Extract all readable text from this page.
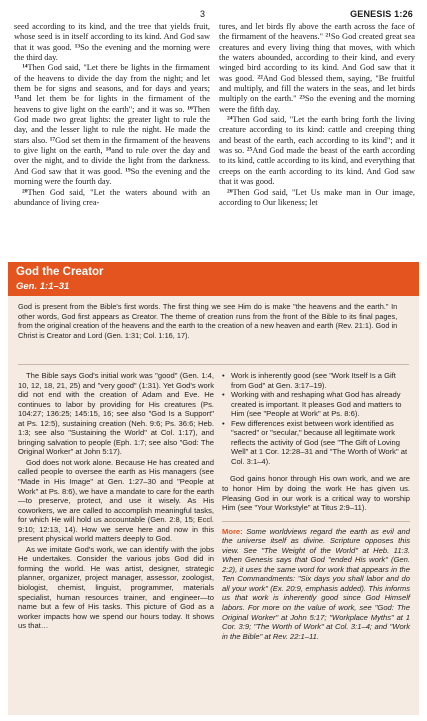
3	GENESIS 1:26

seed according to its kind, and the tree that yields fruit, whose seed is in itself according to its kind. And God saw that it was good. $^{13}$So the evening and the morning were the third day.

$^{14}$Then God said, "Let there be lights in the firmament of the heavens to divide the day from the night; and let them be for signs and seasons, and for days and years; $^{15}$and let them be for lights in the firmament of the heavens to give light on the earth"; and it was so. $^{16}$Then God made two great lights: the greater light to rule the day, and the lesser light to rule the night. He made the stars also. $^{17}$God set them in the firmament of the heavens to give light on the earth, $^{18}$and to rule over the day and over the night, and to divide the light from the darkness. And God saw that it was good. $^{19}$So the evening and the morning were the fourth day.

$^{20}$Then God said, "Let the waters abound with an abundance of living crea-

tures, and let birds fly above the earth across the face of the firmament of the heavens." $^{21}$So God created great sea creatures and every living thing that moves, with which the waters abounded, according to their kind, and every winged bird according to its kind. And God saw that it was good. $^{22}$And God blessed them, saying, "Be fruitful and multiply, and fill the waters in the seas, and let birds multiply on the earth." $^{23}$So the evening and the morning were the fifth day.

$^{24}$Then God said, "Let the earth bring forth the living creature according to its kind: cattle and creeping thing and beast of the earth, each according to its kind"; and it was so. $^{25}$And God made the beast of the earth according to its kind, cattle according to its kind, and everything that creeps on the earth according to its kind. And God saw that it was good.

$^{26}$Then God said, "Let Us make man in Our image, according to Our likeness; let

God the Creator
Gen. 1:1–31

God is present from the Bible's first words. The first thing we see Him do is make "the heavens and the earth." In other words, God first appears as Creator. The theme of creation runs from the front of the Bible to its final pages, from the original creation of the heavens and the earth to the creation of a new heaven and earth (Rev. 21:1). God in Christ is Creator and Lord (Gen. 1:31; Col. 1:16, 17).

The Bible says God's initial work was "good" (Gen. 1:4, 10, 12, 18, 21, 25) and "very good" (1:31). Yet God's work did not end with the creation of Adam and Eve. He continues to labor by providing for His creatures (Ps. 104:27; 136:25; 145:15, 16; see also "God Is a Support" at Ps. 12:5), sustaining creation (Neh. 9:6; Ps. 36:6; Heb. 1:3; see also "Sustaining the World" at Col. 1:17), and bringing salvation to people (Eph. 1:7; see also "God: The Original Worker" at John 5:17).

God does not work alone. Because He has created and called people to oversee the earth as His managers (see "Made in His Image" at Gen. 1:27–30 and "People at Work" at Ps. 8:6), we have a mandate to care for the earth—to preserve, protect, and use it wisely. As His coworkers, we are called to accomplish meaningful tasks, for which He will hold us accountable (Gen. 2:8, 15; Eccl. 9:10; 12:13, 14). How we serve here and now in this present physical world matters deeply to God.

As we imitate God's work, we can identify with the jobs He undertakes. Consider the various jobs God did in forming the world. He was artist, designer, strategic planner, organizer, project manager, assessor, zoologist, biologist, chemist, linguist, programmer, materials specialist, human resources trainer, and engineer—to name but a few of His tasks. This picture of God as a worker impacts how we spend our hours today. It shows us that…

• Work is inherently good (see "Work Itself Is a Gift from God" at Gen. 3:17–19).
• Working with and reshaping what God has already created is important. It pleases God and matters to Him (see "People at Work" at Ps. 8:6).
• Few differences exist between work identified as "sacred" or "secular," because all legitimate work reflects the activity of God (see "The Gift of Loving Well" at 1 Cor. 12:28–31 and "The Worth of Work" at Col. 3:1–4).

God gains honor through His own work, and we are to honor Him by doing the work He has given us. Pleasing God in our work is a critical way to worship Him (see "Your Workstyle" at Titus 2:9–11).

More: Some worldviews regard the earth as evil and the universe itself as divine. Scripture opposes this view. See "The Weight of the World" at Heb. 11:3. When Genesis says that God "ended His work" (Gen. 2:2), it uses the same word for work that appears in the Ten Commandments: "Six days you shall labor and do all your work" (Ex. 20:9, emphasis added). This informs us that work is inherently good since God Himself labors. For more on the value of work, see "God: The Original Worker" at John 5:17; "Workplace Myths" at 1 Cor. 3:9; "The Worth of Work" at Col. 3:1–4; and "Work in the Bible" at Rev. 22:1–11.
